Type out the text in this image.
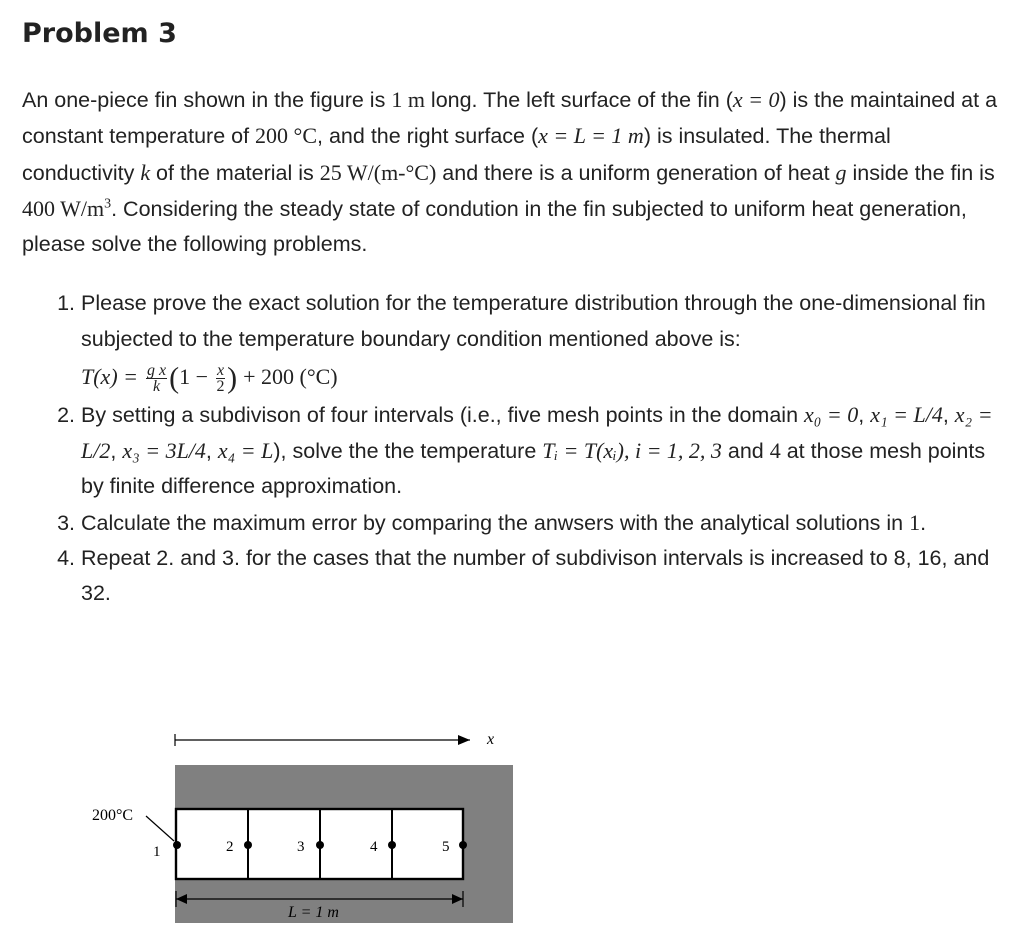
Problem 3

An one-piece fin shown in the figure is 1 m long. The left surface of the fin (x = 0) is the maintained at a constant temperature of 200 °C, and the right surface (x = L = 1 m) is insulated. The thermal conductivity k of the material is 25 W/(m-°C) and there is a uniform generation of heat g inside the fin is 400 $W/m^3$. Considering the steady state of condution in the fin subjected to uniform heat generation, please solve the following problems.

1. Please prove the exact solution for the temperature distribution through the one-dimensional fin subjected to the temperature boundary condition mentioned above is:
$T(x) = \frac{\text{g x}}{k} (1 - \frac{x}{2}$ ) + 200 (°C)
2. By setting a subdivison of four intervals (i.e., five mesh points in the domain x₀ = 0, x₁ = L/4, x₂ = L/2, x₃ = 3L/4, x₄ = L), solve the the temperature Tᵢ = T(xᵢ), i = 1, 2, 3 and 4 at those mesh points by finite difference approximation.
3. Calculate the maximum error by comparing the anwsers with the analytical solutions in 1.
4. Repeat 2. and 3. for the cases that the number of subdivison intervals is increased to 8, 16, and 32.
x
1	2	3	4	5
200°C
L = 1 m
